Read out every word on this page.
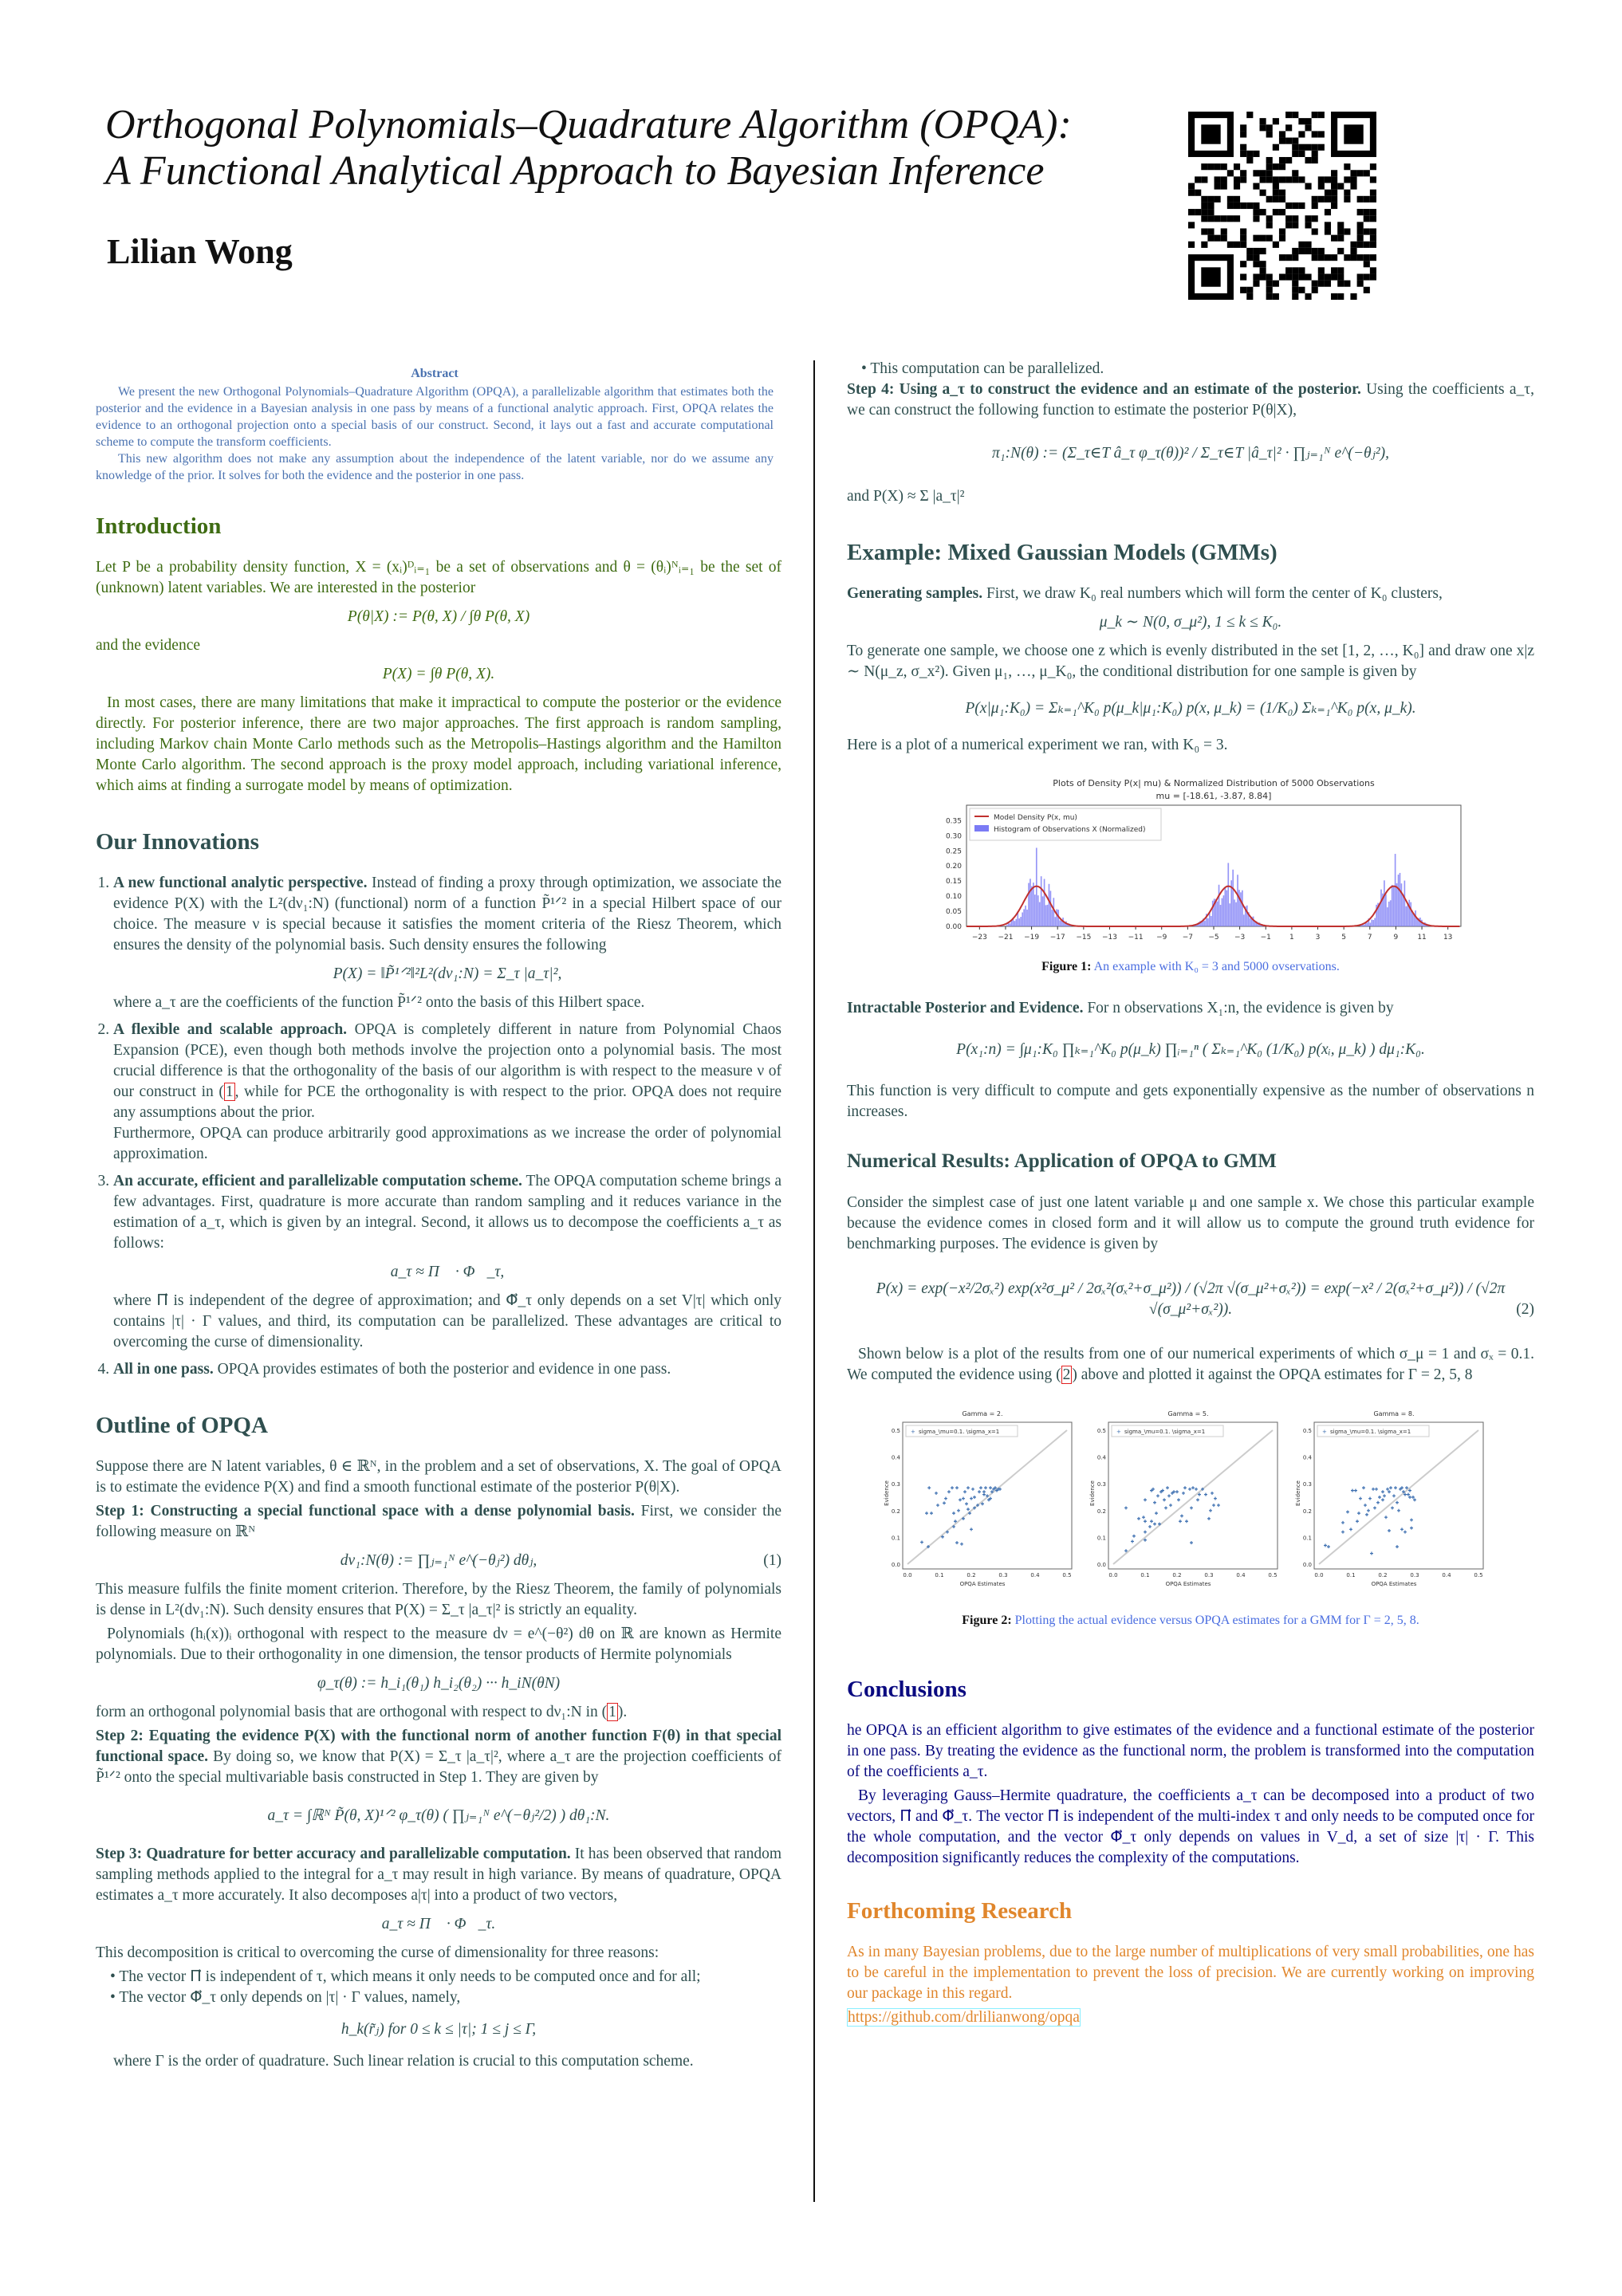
Orthogonal Polynomials–Quadrature Algorithm (OPQA):
A Functional Analytical Approach to Bayesian Inference
Lilian Wong
Abstract

We present the new Orthogonal Polynomials–Quadrature Algorithm (OPQA), a parallelizable algorithm that estimates both the posterior and the evidence in a Bayesian analysis in one pass by means of a functional analytic approach. First, OPQA relates the evidence to an orthogonal projection onto a special basis of our construct. Second, it lays out a fast and accurate computational scheme to compute the transform coefficients.

This new algorithm does not make any assumption about the independence of the latent variable, nor do we assume any knowledge of the prior. It solves for both the evidence and the posterior in one pass.

Introduction

Let P be a probability density function, X = (xᵢ)ᴰᵢ₌₁ be a set of observations and θ = (θᵢ)ᴺᵢ₌₁ be the set of (unknown) latent variables. We are interested in the posterior

P(θ|X) := P(θ, X) / ∫θ P(θ, X)

and the evidence

P(X) = ∫θ P(θ, X).

In most cases, there are many limitations that make it impractical to compute the posterior or the evidence directly. For posterior inference, there are two major approaches. The first approach is random sampling, including Markov chain Monte Carlo methods such as the Metropolis–Hastings algorithm and the Hamilton Monte Carlo algorithm. The second approach is the proxy model approach, including variational inference, which aims at finding a surrogate model by means of optimization.

Our Innovations
1. A new functional analytic perspective. Instead of finding a proxy through optimization, we associate the evidence P(X) with the L²(dν₁:N) (functional) norm of a function P̃¹ᐟ² in a special Hilbert space of our choice. The measure ν is special because it satisfies the moment criteria of the Riesz Theorem, which ensures the density of the polynomial basis. Such density ensures the following
P(X) = ‖P̃¹ᐟ²‖²L²(dν₁:N) = Σ_τ |a_τ|²,
where a_τ are the coefficients of the function P̃¹ᐟ² onto the basis of this Hilbert space.
2. A flexible and scalable approach. OPQA is completely different in nature from Polynomial Chaos Expansion (PCE), even though both methods involve the projection onto a polynomial basis. The most crucial difference is that the orthogonality of the basis of our algorithm is with respect to the measure ν of our construct in ( 1 , while for PCE the orthogonality is with respect to the prior. OPQA does not require any assumptions about the prior.
Furthermore, OPQA can produce arbitrarily good approximations as we increase the order of polynomial approximation.
3. An accurate, efficient and parallelizable computation scheme. The OPQA computation scheme brings a few advantages. First, quadrature is more accurate than random sampling and it reduces variance in the estimation of a_τ, which is given by an integral. Second, it allows us to decompose the coefficients a_τ as follows:
a_τ ≈ Π⃗ · Φ⃗_τ,
where Π⃗ is independent of the degree of approximation; and Φ⃗_τ only depends on a set V|τ| which only contains |τ| · Γ values, and third, its computation can be parallelized. These advantages are critical to overcoming the curse of dimensionality.
4. All in one pass. OPQA provides estimates of both the posterior and evidence in one pass.
Outline of OPQA

Suppose there are N latent variables, θ ∈ ℝᴺ, in the problem and a set of observations, X. The goal of OPQA is to estimate the evidence P(X) and find a smooth functional estimate of the posterior P(θ|X).

Step 1: Constructing a special functional space with a dense polynomial basis. First, we consider the following measure on ℝᴺ

dν₁:N(θ) := ∏ⱼ₌₁ᴺ e^(−θⱼ²) dθⱼ,	(1)

This measure fulfils the finite moment criterion. Therefore, by the Riesz Theorem, the family of polynomials is dense in L²(dν₁:N). Such density ensures that P(X) = Σ_τ |a_τ|² is strictly an equality.

Polynomials (hᵢ(x))ᵢ orthogonal with respect to the measure dν = e^(−θ²) dθ on ℝ are known as Hermite polynomials. Due to their orthogonality in one dimension, the tensor products of Hermite polynomials

φ_τ(θ) := h_i₁(θ₁) h_i₂(θ₂) ··· h_iN(θN)

form an orthogonal polynomial basis that are orthogonal with respect to dν₁:N in ( 1 ).

Step 2: Equating the evidence P(X) with the functional norm of another function F(θ) in that special functional space. By doing so, we know that P(X) = Σ_τ |a_τ|², where a_τ are the projection coefficients of P̃¹ᐟ² onto the special multivariable basis constructed in Step 1. They are given by

a_τ = ∫ℝᴺ P̃(θ, X)¹ᐟ² φ_τ(θ) ( ∏ⱼ₌₁ᴺ e^(−θⱼ²/2) ) dθ₁:N.

Step 3: Quadrature for better accuracy and parallelizable computation. It has been observed that random sampling methods applied to the integral for a_τ may result in high variance. By means of quadrature, OPQA estimates a_τ more accurately. It also decomposes a|τ| into a product of two vectors,

a_τ ≈ Π⃗ · Φ⃗_τ.

This decomposition is critical to overcoming the curse of dimensionality for three reasons:

• The vector Π⃗ is independent of τ, which means it only needs to be computed once and for all;
• The vector Φ⃗_τ only depends on |τ| · Γ values, namely,
h_k(r̃ⱼ) for 0 ≤ k ≤ |τ|; 1 ≤ j ≤ Γ,

where Γ is the order of quadrature. Such linear relation is crucial to this computation scheme.

• This computation can be parallelized.

Step 4: Using a_τ to construct the evidence and an estimate of the posterior. Using the coefficients a_τ, we can construct the following function to estimate the posterior P(θ|X),

π₁:N(θ) := (Σ_τ∈T â_τ φ_τ(θ))² / Σ_τ∈T |â_τ|² · ∏ⱼ₌₁ᴺ e^(−θⱼ²),

and P(X) ≈ Σ |a_τ|²

Example: Mixed Gaussian Models (GMMs)

Generating samples. First, we draw K₀ real numbers which will form the center of K₀ clusters,

μ_k ∼ N(0, σ_μ²), 1 ≤ k ≤ K₀.

To generate one sample, we choose one z which is evenly distributed in the set [1, 2, …, K₀] and draw one x|z ∼ N(μ_z, σ_x²). Given μ₁, …, μ_K₀, the conditional distribution for one sample is given by

P(x|μ₁:K₀) = Σₖ₌₁^K₀ p(μ_k|μ₁:K₀) p(x, μ_k) = (1/K₀) Σₖ₌₁^K₀ p(x, μ_k).

Here is a plot of a numerical experiment we ran, with K₀ = 3.

Plots of Density P(x| mu) & Normalized Distribution of 5000 Observations
mu = [-18.61, -3.87, 8.84]
0.00
0.05
0.10
0.15
0.20
0.25
0.30
0.35
−23 −21 −19 −17 −15 −13 −11 −9 −7 −5 −3 −1	1	3	5	7	9	11 13
Model Density P(x, mu)
Histogram of Observations X (Normalized)
Figure 1: An example with K₀ = 3 and 5000 ovservations.

Intractable Posterior and Evidence. For n observations X₁:n, the evidence is given by

P(x₁:n) = ∫μ₁:K₀ ∏ₖ₌₁^K₀ p(μ_k) ∏ᵢ₌₁ⁿ ( Σₖ₌₁^K₀ (1/K₀) p(xᵢ, μ_k) ) dμ₁:K₀.

This function is very difficult to compute and gets exponentially expensive as the number of observations n increases.

Numerical Results: Application of OPQA to GMM

Consider the simplest case of just one latent variable μ and one sample x. We chose this particular example because the evidence comes in closed form and it will allow us to compute the ground truth evidence for benchmarking purposes. The evidence is given by

P(x) = exp(−x²/2σₓ²) exp(x²σ_μ² / 2σₓ²(σₓ²+σ_μ²)) / (√2π √(σ_μ²+σₓ²)) = exp(−x² / 2(σₓ²+σ_μ²)) / (√2π √(σ_μ²+σₓ²)).	(2)

Shown below is a plot of the results from one of our numerical experiments of which σ_μ = 1 and σₓ = 0.1. We computed the evidence using ( 2 ) above and plotted it against the OPQA estimates for Γ = 2, 5, 8

Gamma = 2.
0.0
0.1
0.2
0.3
0.4
0.5
0.0	0.1	0.2	0.3	0.4	0.5
OPQA Estimates
Evidence
+ sigma_\mu=0.1. \sigma_x=1
Gamma = 5.
0.0
0.1
0.2
0.3
0.4
0.5
0.0	0.1	0.2	0.3	0.4	0.5
OPQA Estimates
Evidence
+ sigma_\mu=0.1. \sigma_x=1
Gamma = 8.
0.0
0.1
0.2
0.3
0.4
0.5
0.0	0.1	0.2	0.3	0.4	0.5
OPQA Estimates
Evidence
+ sigma_\mu=0.1. \sigma_x=1
Figure 2: Plotting the actual evidence versus OPQA estimates for a GMM for Γ = 2, 5, 8.
Conclusions

he OPQA is an efficient algorithm to give estimates of the evidence and a functional estimate of the posterior in one pass. By treating the evidence as the functional norm, the problem is transformed into the computation of the coefficients a_τ.

By leveraging Gauss–Hermite quadrature, the coefficients a_τ can be decomposed into a product of two vectors, Π⃗ and Φ⃗_τ. The vector Π⃗ is independent of the multi-index τ and only needs to be computed once for the whole computation, and the vector Φ⃗_τ only depends on values in V_d, a set of size |τ| · Γ. This decomposition significantly reduces the complexity of the computations.

Forthcoming Research

As in many Bayesian problems, due to the large number of multiplications of very small probabilities, one has to be careful in the implementation to prevent the loss of precision. We are currently working on improving our package in this regard.

https://github.com/drlilianwong/opqa
